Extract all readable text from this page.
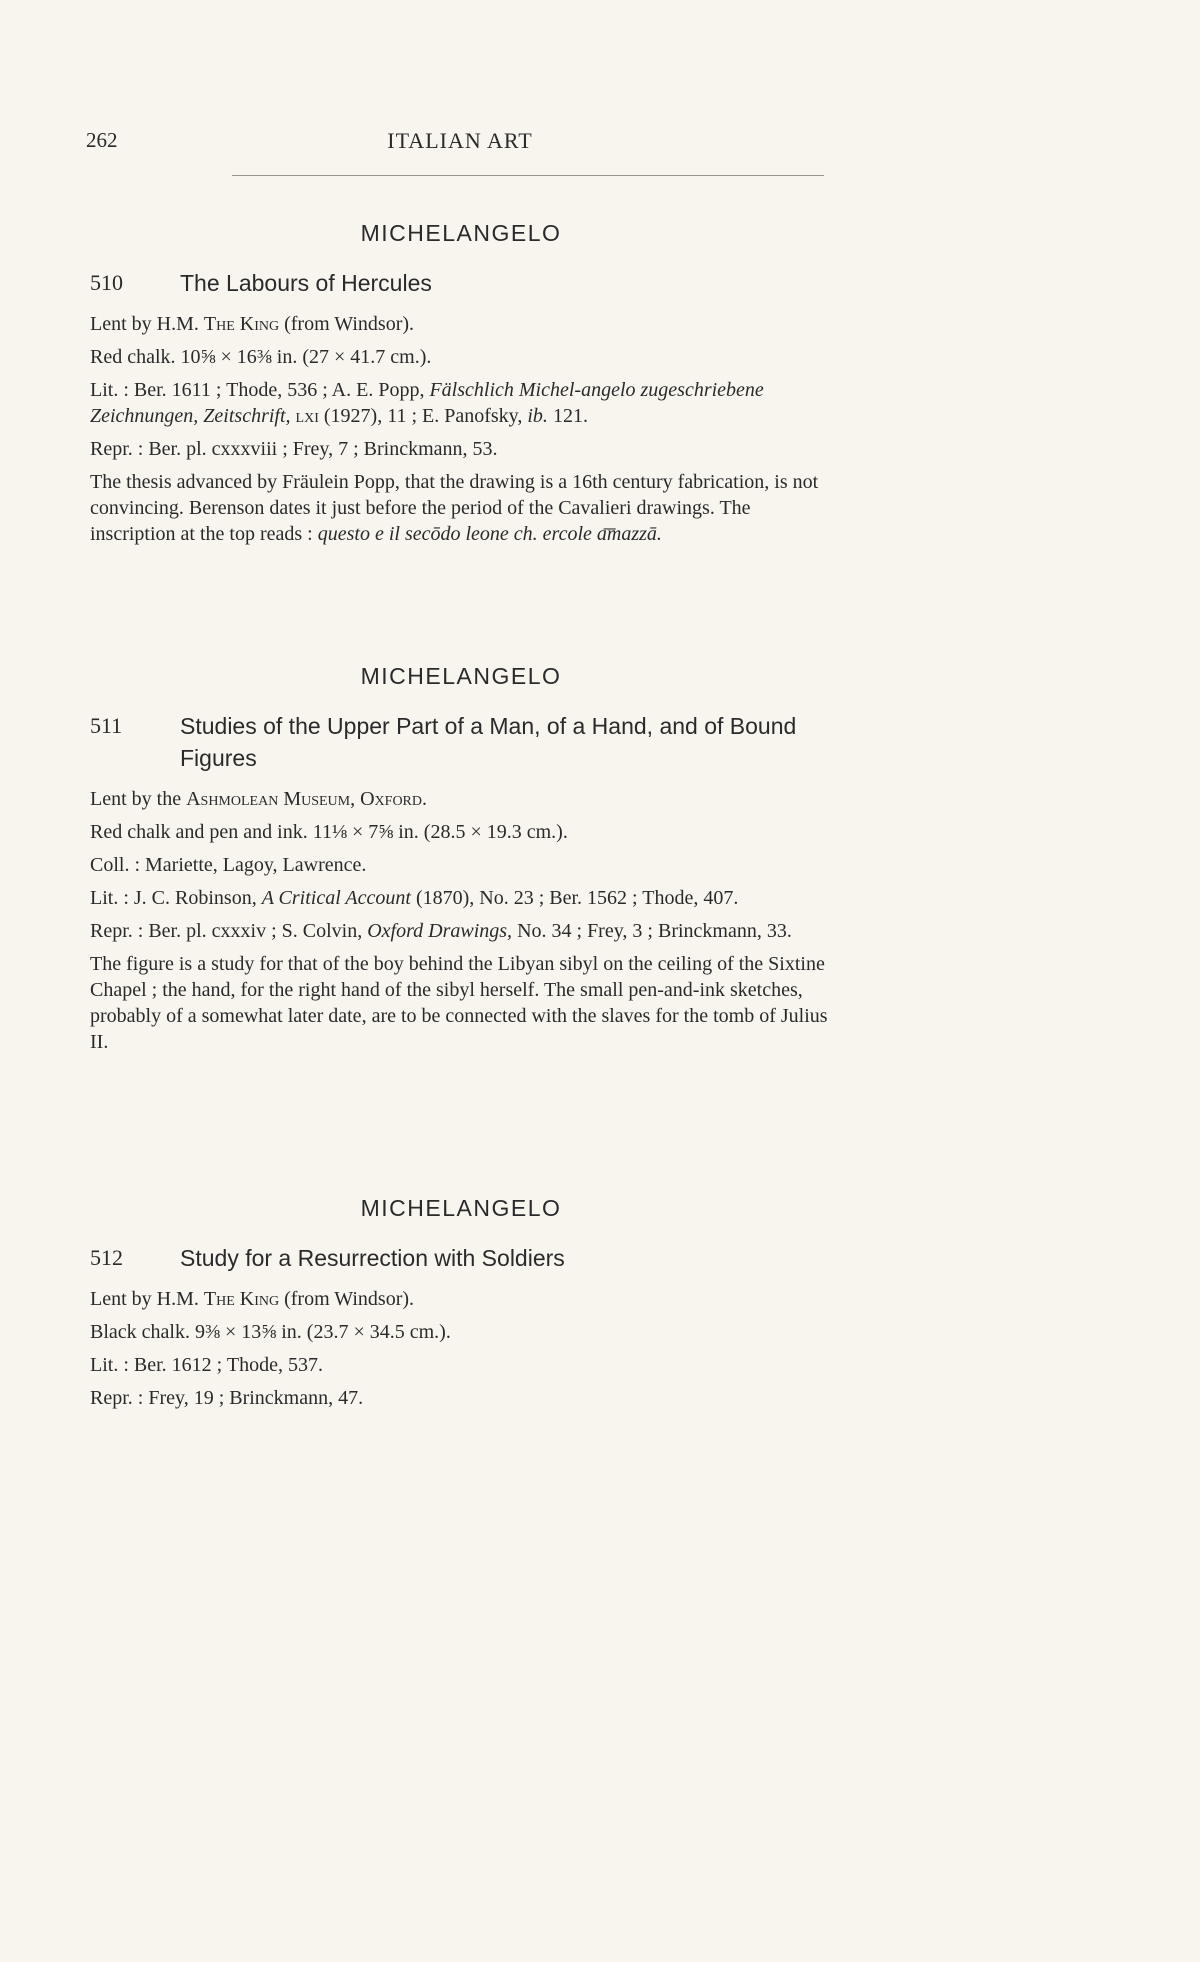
262	ITALIAN ART
MICHELANGELO
510	The Labours of Hercules

Lent by H.M. The King (from Windsor).

Red chalk. 10⅝ × 16⅜ in. (27 × 41.7 cm.).

Lit. : Ber. 1611 ; Thode, 536 ; A. E. Popp, Fälschlich Michel-angelo zugeschriebene Zeichnungen, Zeitschrift, lxi (1927), 11 ; E. Panofsky, ib. 121.

Repr. : Ber. pl. cxxxviii ; Frey, 7 ; Brinckmann, 53.

The thesis advanced by Fräulein Popp, that the drawing is a 16th century fabrication, is not convincing. Berenson dates it just before the period of the Cavalieri drawings. The inscription at the top reads : questo e il secōdo leone ch. ercole a͞mazzā.

MICHELANGELO
511	Studies of the Upper Part of a Man, of a Hand, and of Bound Figures

Lent by the Ashmolean Museum, Oxford.

Red chalk and pen and ink. 11⅛ × 7⅝ in. (28.5 × 19.3 cm.).

Coll. : Mariette, Lagoy, Lawrence.

Lit. : J. C. Robinson, A Critical Account (1870), No. 23 ; Ber. 1562 ; Thode, 407.

Repr. : Ber. pl. cxxxiv ; S. Colvin, Oxford Drawings, No. 34 ; Frey, 3 ; Brinckmann, 33.

The figure is a study for that of the boy behind the Libyan sibyl on the ceiling of the Sixtine Chapel ; the hand, for the right hand of the sibyl herself. The small pen-and-ink sketches, probably of a somewhat later date, are to be connected with the slaves for the tomb of Julius II.

MICHELANGELO
512	Study for a Resurrection with Soldiers

Lent by H.M. The King (from Windsor).

Black chalk. 9⅜ × 13⅝ in. (23.7 × 34.5 cm.).

Lit. : Ber. 1612 ; Thode, 537.

Repr. : Frey, 19 ; Brinckmann, 47.
